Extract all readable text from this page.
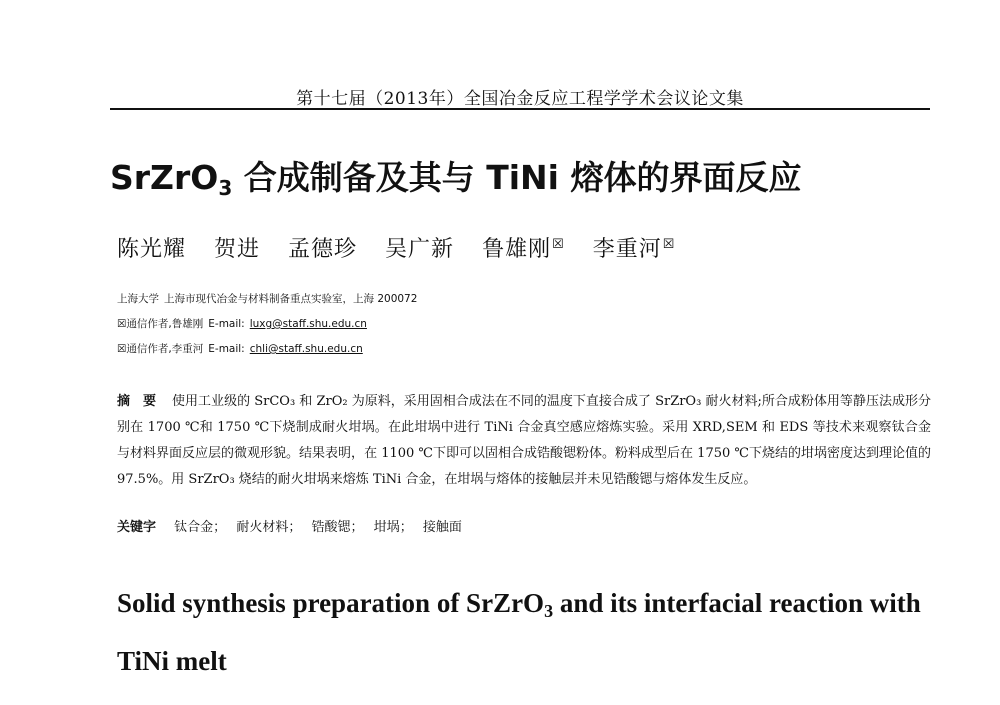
第十七届（2013年）全国冶金反应工程学学术会议论文集
SrZrO$_3$ 合成制备及其与 TiNi 熔体的界面反应
陈光耀 贺进 孟德珍 吴广新 鲁雄刚☒ 李重河☒
上海大学 上海市现代冶金与材料制备重点实验室，上海 200072
☒通信作者,鲁雄刚 E-mail: luxg@staff.shu.edu.cn
☒通信作者,李重河 E-mail: chli@staff.shu.edu.cn
摘　要 使用工业级的 SrCO₃ 和 ZrO₂ 为原料，采用固相合成法在不同的温度下直接合成了 SrZrO₃ 耐火材料;所合成粉体用等静压法成形分别在 1700 ℃和 1750 ℃下烧制成耐火坩埚。在此坩埚中进行 TiNi 合金真空感应熔炼实验。采用 XRD,SEM 和 EDS 等技术来观察钛合金与材料界面反应层的微观形貌。结果表明，在 1100 ℃下即可以固相合成锆酸锶粉体。粉料成型后在 1750 ℃下烧结的坩埚密度达到理论值的 97.5%。用 SrZrO₃ 烧结的耐火坩埚来熔炼 TiNi 合金，在坩埚与熔体的接触层并未见锆酸锶与熔体发生反应。
关键字 钛合金； 耐火材料； 锆酸锶； 坩埚； 接触面
Solid synthesis preparation of SrZrO$_3$ and its interfacial reaction with TiNi melt
